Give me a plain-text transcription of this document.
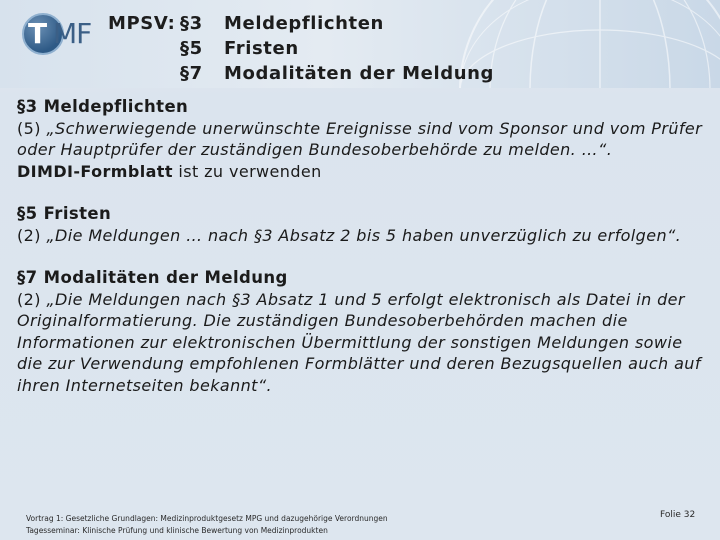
T MF MPSV: §3	Meldepflichten
§5	Fristen
§7	Modalitäten der Meldung
§3 Meldepflichten
(5) „Schwerwiegende unerwünschte Ereignisse sind vom Sponsor und vom Prüfer oder Hauptprüfer der zuständigen Bundesoberbehörde zu melden. …“.
DIMDI-Formblatt ist zu verwenden
§5 Fristen
(2) „Die Meldungen … nach §3 Absatz 2 bis 5 haben unverzüglich zu erfolgen“.
§7 Modalitäten der Meldung
(2) „Die Meldungen nach §3 Absatz 1 und 5 erfolgt elektronisch als Datei in der Originalformatierung. Die zuständigen Bundesoberbehörden machen die Informationen zur elektronischen Übermittlung der sonstigen Meldungen sowie die zur Verwendung empfohlenen Formblätter und deren Bezugsquellen auch auf ihren Internetseiten bekannt“.
Vortrag 1: Gesetzliche Grundlagen: Medizinproduktgesetz MPG und dazugehörige Verordnungen
Tagesseminar: Klinische Prüfung und klinische Bewertung von Medizinprodukten
Folie 32
